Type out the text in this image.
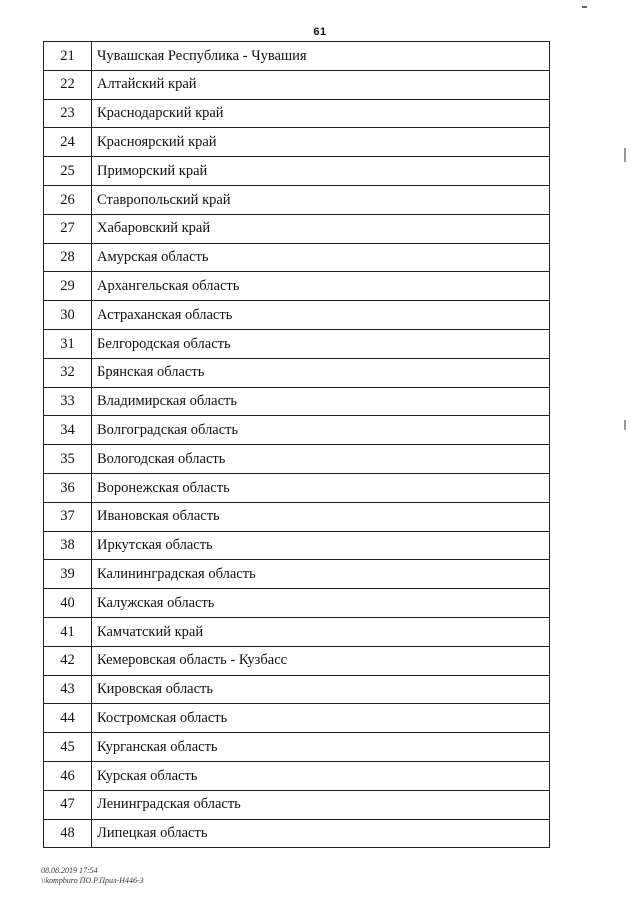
61
21	Чувашская Республика - Чувашия
22	Алтайский край
23	Краснодарский край
24	Красноярский край
25	Приморский край
26	Ставропольский край
27	Хабаровский край
28	Амурская область
29	Архангельская область
30	Астраханская область
31	Белгородская область
32	Брянская область
33	Владимирская область
34	Волгоградская область
35	Вологодская область
36	Воронежская область
37	Ивановская область
38	Иркутская область
39	Калининградская область
40	Калужская область
41	Камчатский край
42	Кемеровская область - Кузбасс
43	Кировская область
44	Костромская область
45	Курганская область
46	Курская область
47	Ленинградская область
48	Липецкая область
08.08.2019 17:54
\\kompburo ПО.Р.Прил-Н446-3
